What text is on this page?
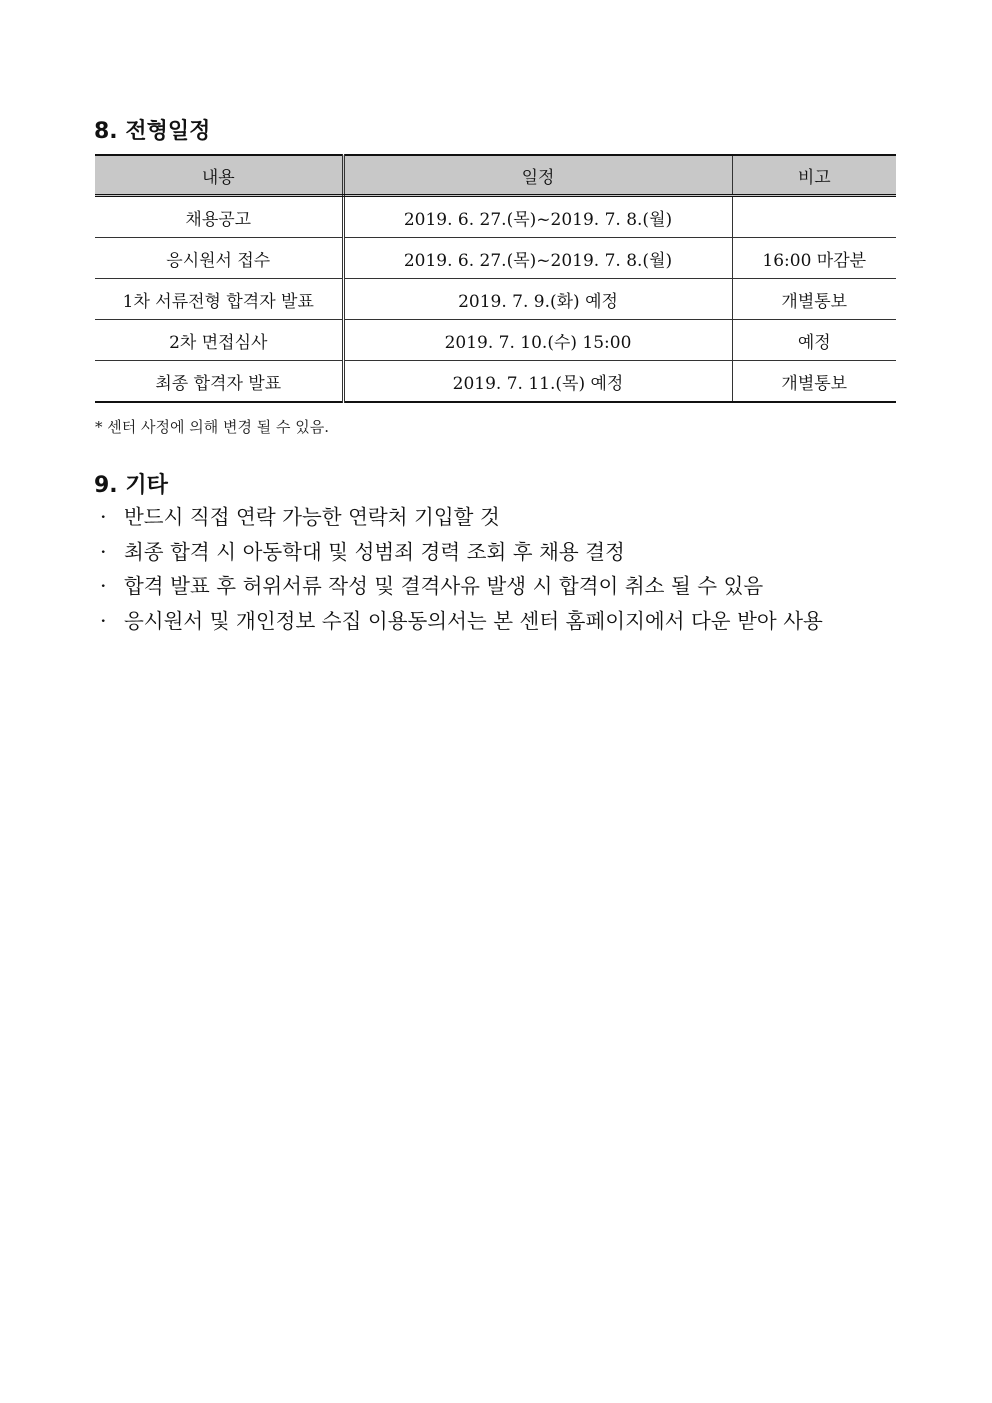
8. 전형일정
내용	일정	비고
채용공고	2019. 6. 27.(목)~2019. 7. 8.(월)	
응시원서 접수	2019. 6. 27.(목)~2019. 7. 8.(월)	16:00 마감분
1차 서류전형 합격자 발표	2019. 7. 9.(화) 예정	개별통보
2차 면접심사	2019. 7. 10.(수) 15:00	예정
최종 합격자 발표	2019. 7. 11.(목) 예정	개별통보
* 센터 사정에 의해 변경 될 수 있음.
9. 기타
· 반드시 직접 연락 가능한 연락처 기입할 것
· 최종 합격 시 아동학대 및 성범죄 경력 조회 후 채용 결정
· 합격 발표 후 허위서류 작성 및 결격사유 발생 시 합격이 취소 될 수 있음
· 응시원서 및 개인정보 수집 이용동의서는 본 센터 홈페이지에서 다운 받아 사용
